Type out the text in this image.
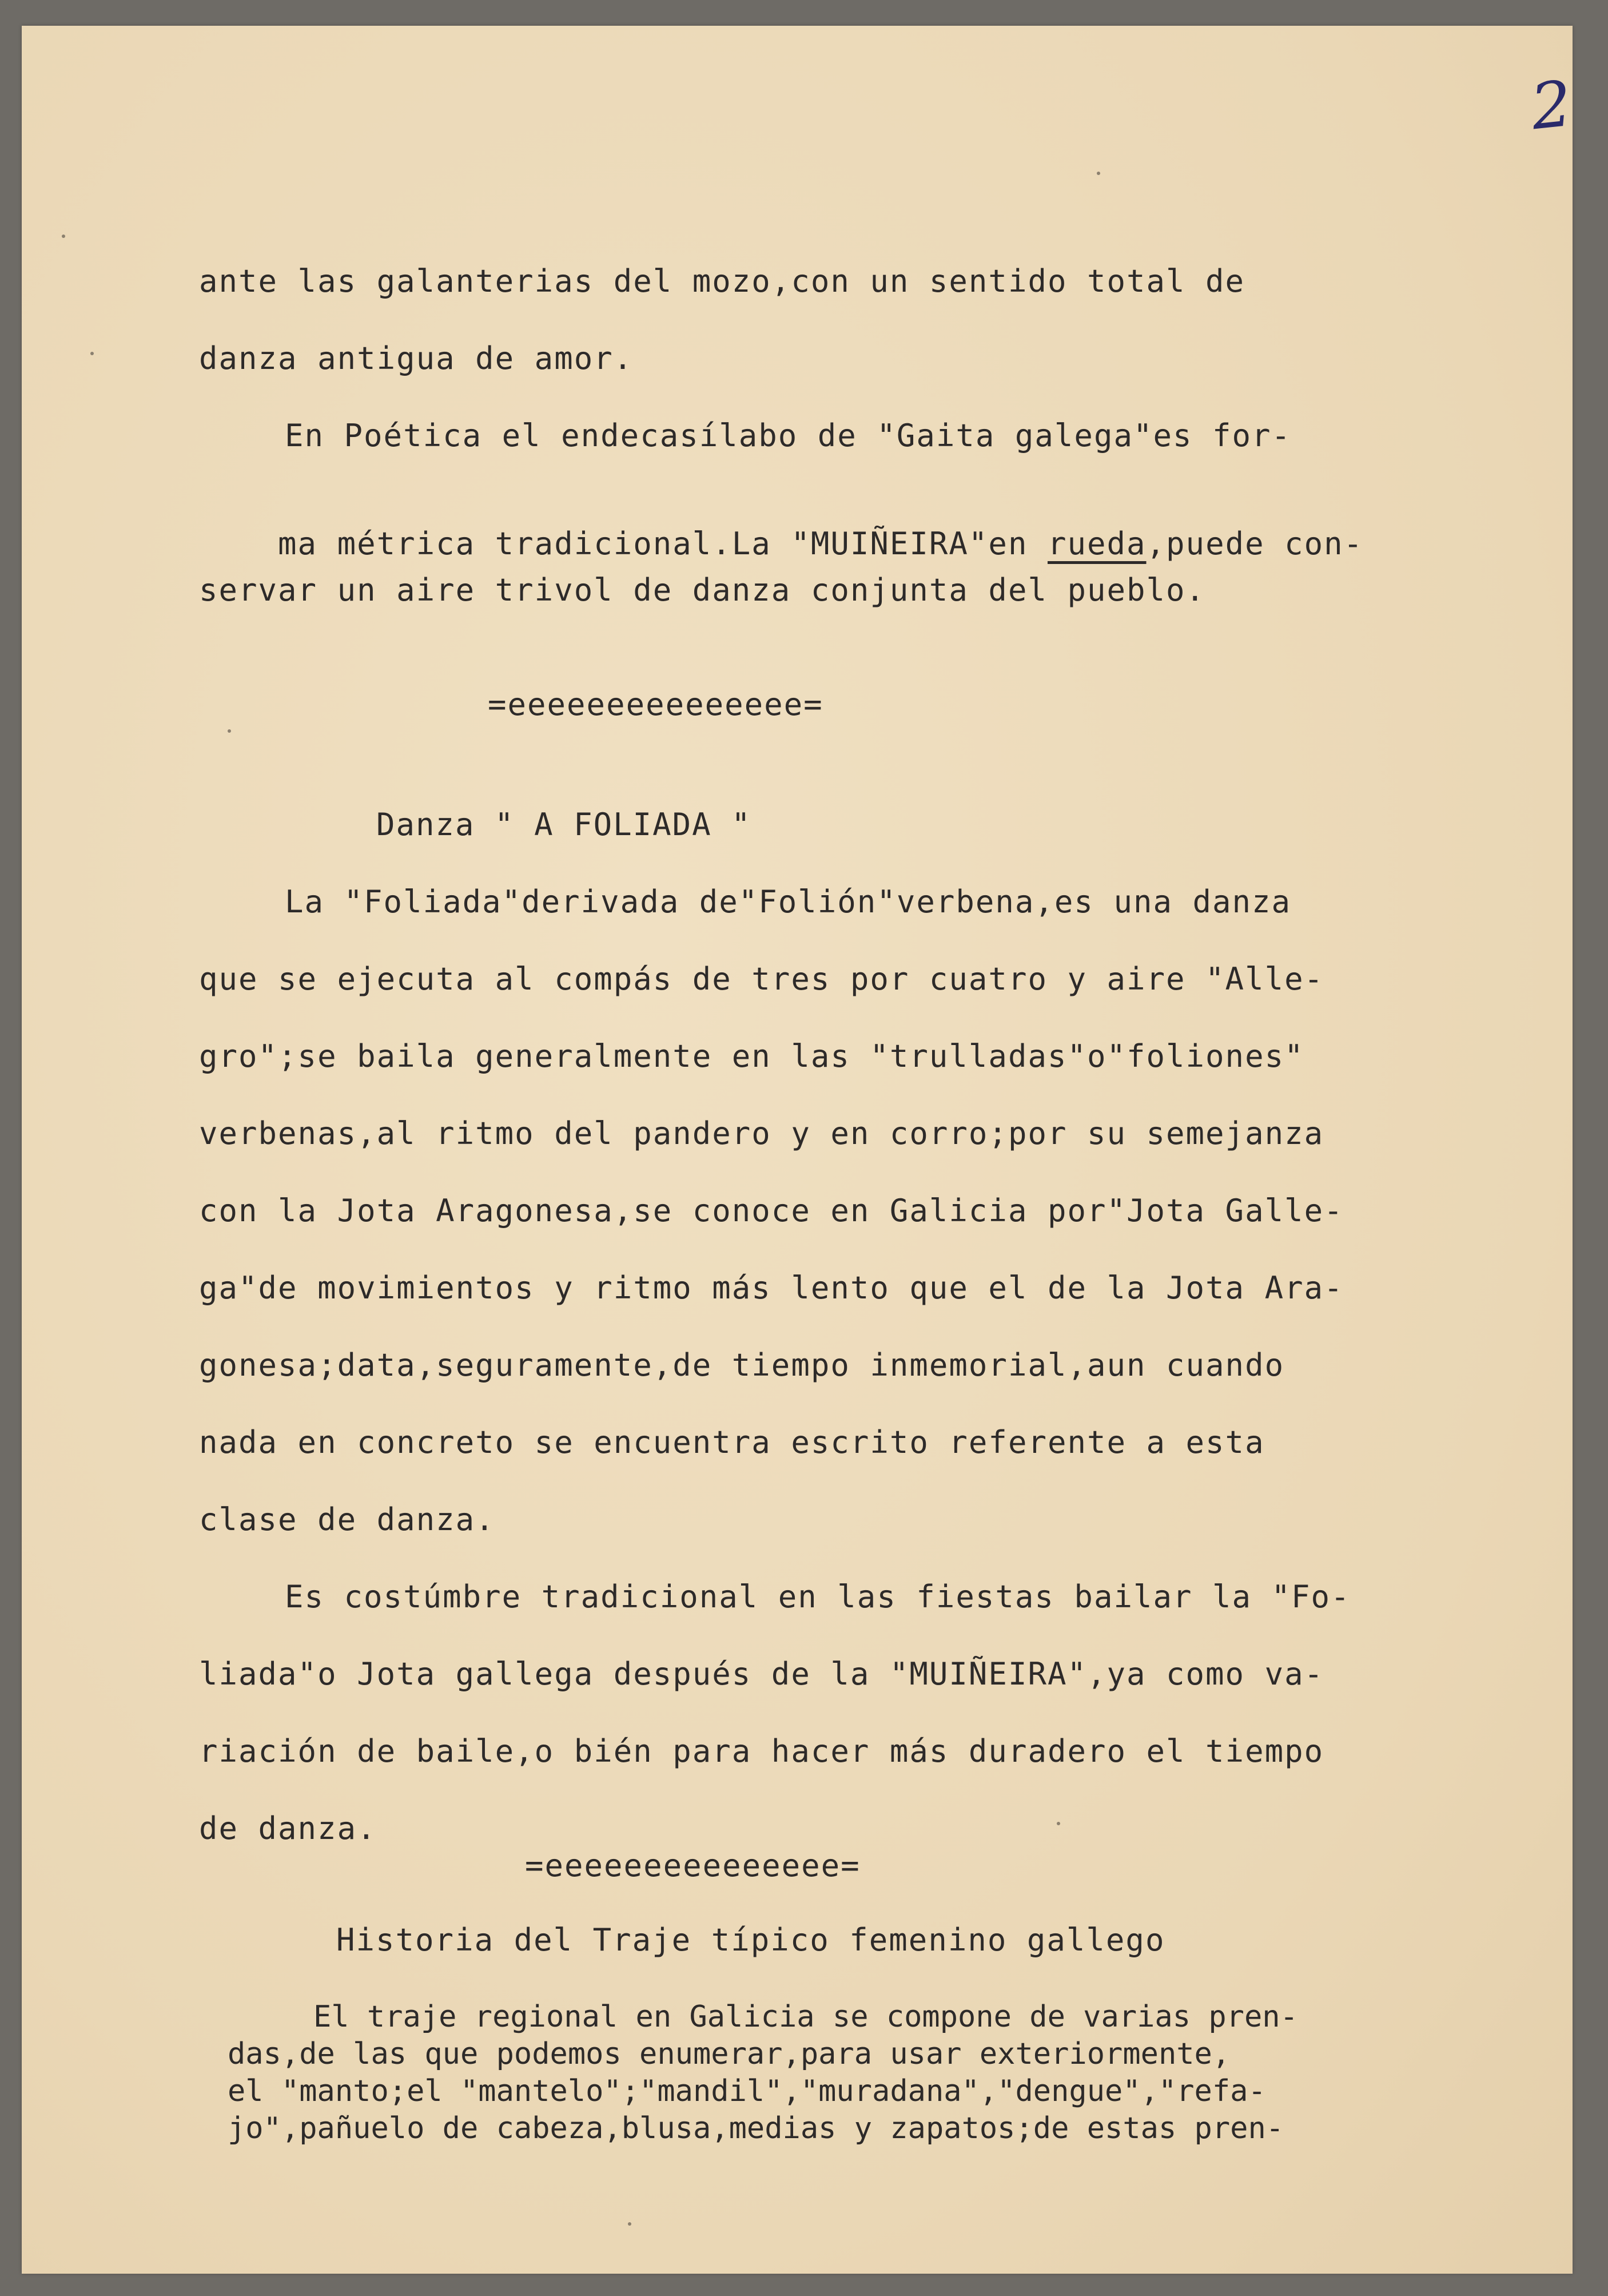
2
ante las galanterias del mozo,con un sentido total de
danza antigua de amor.
En Poética el endecasílabo de "Gaita galega"es for-

ma métrica tradicional.La "MUIÑEIRA"en rueda,puede con-

servar un aire trivol de danza conjunta del pueblo.
=eeeeeeeeeeeeeee=
Danza " A FOLIADA "
La "Foliada"derivada de"Folión"verbena,es una danza
que se ejecuta al compás de tres por cuatro y aire "Alle-
gro";se baila generalmente en las "trulladas"o"foliones"
verbenas,al ritmo del pandero y en corro;por su semejanza
con la Jota Aragonesa,se conoce en Galicia por"Jota Galle-
ga"de movimientos y ritmo más lento que el de la Jota Ara-
gonesa;data,seguramente,de tiempo inmemorial,aun cuando
nada en concreto se encuentra escrito referente a esta
clase de danza.
Es costúmbre tradicional en las fiestas bailar la "Fo-
liada"o Jota gallega después de la "MUIÑEIRA",ya como va-
riación de baile,o bién para hacer más duradero el tiempo
de danza.
=eeeeeeeeeeeeeee=
Historia del Traje típico femenino gallego
El traje regional en Galicia se compone de varias pren-
das,de las que podemos enumerar,para usar exteriormente,
el "manto;el "mantelo";"mandil","muradana","dengue","refa-
jo",pañuelo de cabeza,blusa,medias y zapatos;de estas pren-
